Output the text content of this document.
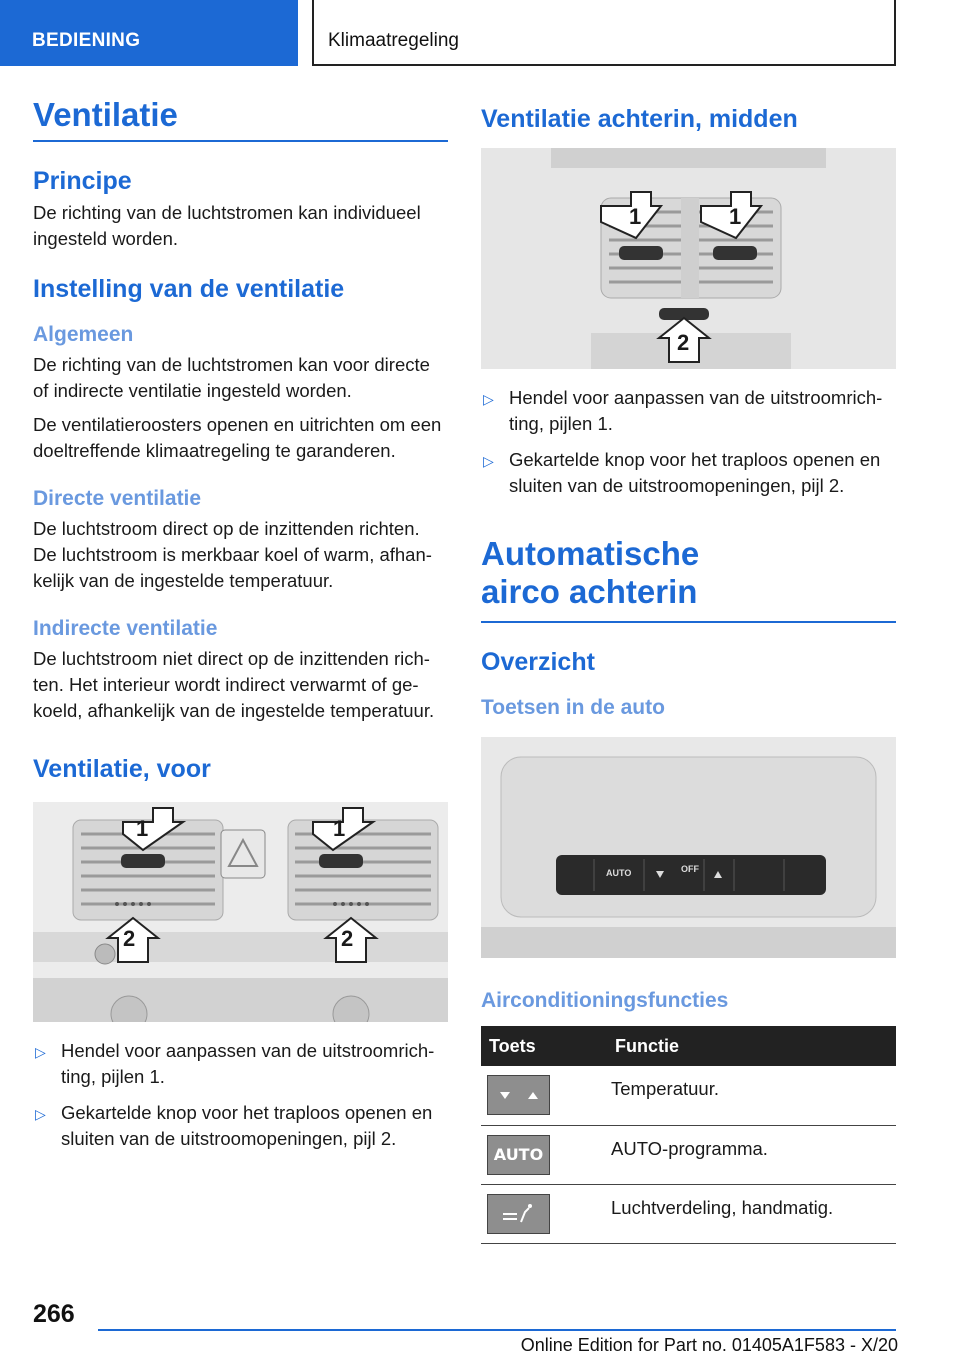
BEDIENING	Klimaatregeling
Ventilatie
Principe

De richting van de luchtstromen kan individueel ingesteld worden.

Instelling van de ventilatie
Algemeen

De richting van de luchtstromen kan voor directe of indirecte ventilatie ingesteld worden.

De ventilatieroosters openen en uitrichten om een doeltreffende klimaatregeling te garanderen.

Directe ventilatie

De luchtstroom direct op de inzittenden richten. De luchtstroom is merkbaar koel of warm, afhan-kelijk van de ingestelde temperatuur.

Indirecte ventilatie

De luchtstroom niet direct op de inzittenden rich-ten. Het interieur wordt indirect verwarmt of ge-koeld, afhankelijk van de ingestelde temperatuur.

Ventilatie, voor
1	1
2	2
▷ Hendel voor aanpassen van de uitstroomrich-ting, pijlen 1.
▷ Gekartelde knop voor het traploos openen en sluiten van de uitstroomopeningen, pijl 2.
Ventilatie achterin, midden
1	1
2
▷ Hendel voor aanpassen van de uitstroomrich-ting, pijlen 1.
▷ Gekartelde knop voor het traploos openen en sluiten van de uitstroomopeningen, pijl 2.
Automatische airco achterin
Overzicht
Toetsen in de auto
AUTO	OFF
Airconditioningsfuncties
Toets	Functie

	Temperatuur.

AUTO	AUTO-programma.

	Luchtverdeling, handmatig.
266
Online Edition for Part no. 01405A1F583 - X/20
